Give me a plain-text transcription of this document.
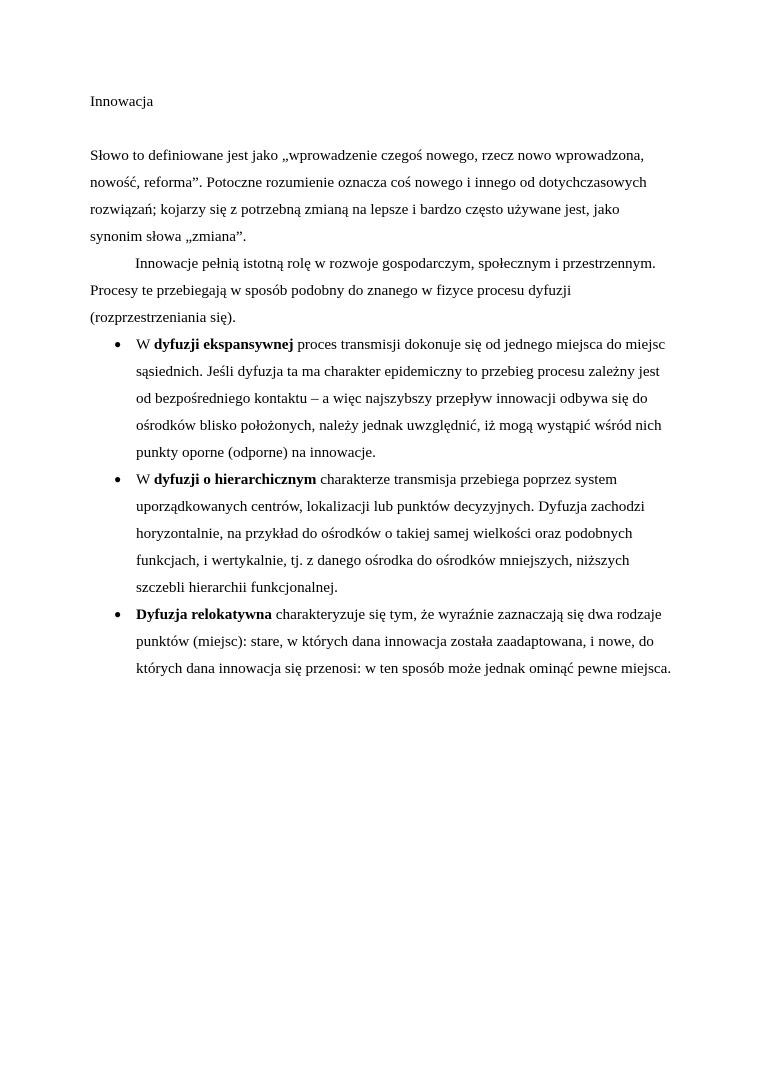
Innowacja

Słowo to definiowane jest jako „wprowadzenie czegoś nowego, rzecz nowo wprowadzona, nowość, reforma”. Potoczne rozumienie oznacza coś nowego i innego od dotychczasowych rozwiązań; kojarzy się z potrzebną zmianą na lepsze i bardzo często używane jest, jako synonim słowa „zmiana”.

Innowacje pełnią istotną rolę w rozwoje gospodarczym, społecznym i przestrzennym. Procesy te przebiegają w sposób podobny do znanego w fizyce procesu dyfuzji (rozprzestrzeniania się).

● W dyfuzji ekspansywnej proces transmisji dokonuje się od jednego miejsca do miejsc sąsiednich. Jeśli dyfuzja ta ma charakter epidemiczny to przebieg procesu zależny jest od bezpośredniego kontaktu – a więc najszybszy przepływ innowacji odbywa się do ośrodków blisko położonych, należy jednak uwzględnić, iż mogą wystąpić wśród nich punkty oporne (odporne) na innowacje.
● W dyfuzji o hierarchicznym charakterze transmisja przebiega poprzez system uporządkowanych centrów, lokalizacji lub punktów decyzyjnych. Dyfuzja zachodzi horyzontalnie, na przykład do ośrodków o takiej samej wielkości oraz podobnych funkcjach, i wertykalnie, tj. z danego ośrodka do ośrodków mniejszych, niższych szczebli hierarchii funkcjonalnej.
● Dyfuzja relokatywna charakteryzuje się tym, że wyraźnie zaznaczają się dwa rodzaje punktów (miejsc): stare, w których dana innowacja została zaadaptowana, i nowe, do których dana innowacja się przenosi: w ten sposób może jednak ominąć pewne miejsca.
